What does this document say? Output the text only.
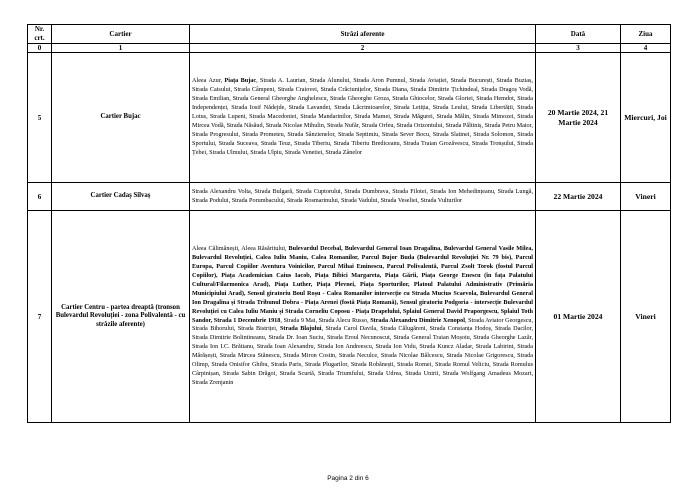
Nr. crt.	Cartier	Străzi aferente	Dată	Ziua
0	1	2	3	4
5	Cartier Bujac	Aleea Azur, Piața Bujac, Strada A. Laurian, Strada Alunului, Strada Aron Pumnul, Strada Aviației, Strada București, Strada Buziaș, Strada Caisului, Strada Câmpeni, Strada Craiovei, Strada Crăciunițelor, Strada Diana, Strada Dimitrie Țichindeal, Strada Dragoș Vodă, Strada Emilian, Strada General Gheorghe Anghelescu, Strada Gheorghe Groza, Strada Ghiocelor, Strada Gloriei, Strada Hemdot, Strada Independenței, Strada Iosif Nădejde, Strada Lavandei, Strada Lăcrimioarelor, Strada Letiția, Strada Leului, Strada Libertății, Strada Lotus, Strada Lupeni, Strada Macedoniei, Strada Mandarinilor, Strada Mamei, Strada Măgurei, Strada Mălin, Strada Mimozei, Strada Mircea Vodă, Strada Năsăud, Strada Nicolae Mihulin, Strada Nufăr, Strada Orfeu, Strada Orizontului, Strada Păltiniș, Strada Petru Maior, Strada Progresului, Strada Prometeu, Strada Sânzienelor, Strada Septimiu, Strada Sever Bocu, Strada Slatinei, Strada Solomon, Strada Sportului, Strada Suceava, Strada Teuz, Strada Tiberiu, Strada Tiberiu Brediceanu, Strada Traian Grozăvescu, Strada Tronșului, Strada Țebei, Strada Ulmului, Strada Ulpiu, Strada Venetiei, Strada Zânelor	20 Martie 2024, 21 Martie 2024	Miercuri, Joi
6	Cartier Cadaș Silvaș	Strada Alexandru Volta, Strada Bulgară, Strada Cuptorului, Strada Dumbrava, Strada Filotei, Strada Ion Mehedințeanu, Strada Lungă, Strada Podului, Strada Porumbacului, Strada Rosmarinului, Strada Vadului, Strada Veseliei, Strada Vulturilor	22 Martie 2024	Vineri
7	Cartier Centru - partea dreaptă (tronson Bulevardul Revoluției - zona Polivalentă - cu străzile aferente)	Aleea Călimănești, Aleea Răsăritului, Bulevardul Decebal, Bulevardul General Ioan Dragalina, Bulevardul General Vasile Milea, Bulevardul Revoluției, Calea Iuliu Maniu, Calea Romanilor, Parcul Bujor Buda (Bulevardul Revoluției Nr. 79 bis), Parcul Europa, Parcul Copiilor Aventura Voinicilor, Parcul Mihai Eminescu, Parcul Polivalentă, Parcul Zsolt Torok (fostul Parcul Copiilor), Piața Academician Caius Iacob, Piața Bibici Margareta, Piața Gării, Piața George Enescu (în fața Palatului Cultural/Filarmonica Arad), Piața Luther, Piața Plevnei, Piața Sporturilor, Platoul Palatului Administrativ (Primăria Municipiului Arad), Sensul giratoriu Boul Roșu - Calea Romanilor intersecție cu Strada Mucius Scaevola, Bulevardul General Ion Dragalina și Strada Tribunul Dobra - Piața Arenei (fostă Piața Romană), Sensul giratoriu Podgoria - intersecție Bulevardul Revoluției cu Calea Iuliu Maniu și Strada Corneliu Coposu - Piața Drapelului, Splaiul General David Praporgescu, Splaiul Toth Sandor, Strada 1 Decembrie 1918, Strada 9 Mai, Strada Alecu Russo, Strada Alexandru Dimitrie Xenopol, Strada Aviator Georgescu, Strada Bihorului, Strada Bistriței, Strada Blajului, Strada Carol Davila, Strada Călugăreni, Strada Constanța Hodoș, Strada Dacilor, Strada Dimitrie Bolintineanu, Strada Dr. Ioan Suciu, Strada Eroul Necunoscut, Strada General Traian Moșoiu, Strada Gheorghe Lazăr, Strada Ion I.C. Brătianu, Strada Ioan Alexandru, Strada Ion Andreescu, Strada Ion Vidu, Strada Kuncz Aladar, Strada Labirint, Strada Mărășești, Strada Mircea Stănescu, Strada Miron Costin, Strada Neculce, Strada Nicolae Bălcescu, Strada Nicolae Grigorescu, Strada Olimp, Strada Onisifor Ghibu, Strada Paris, Strada Plugarilor, Strada Robănești, Strada Romei, Strada Romul Veliciu, Strada Romulus Cârpinișan, Strada Sabin Drăgoi, Strada Scurtă, Strada Triumfului, Strada Udrea, Strada Unirii, Strada Wolfgang Amadeus Mozart, Strada Zrenjanin	01 Martie 2024	Vineri
Pagina 2 din 6
